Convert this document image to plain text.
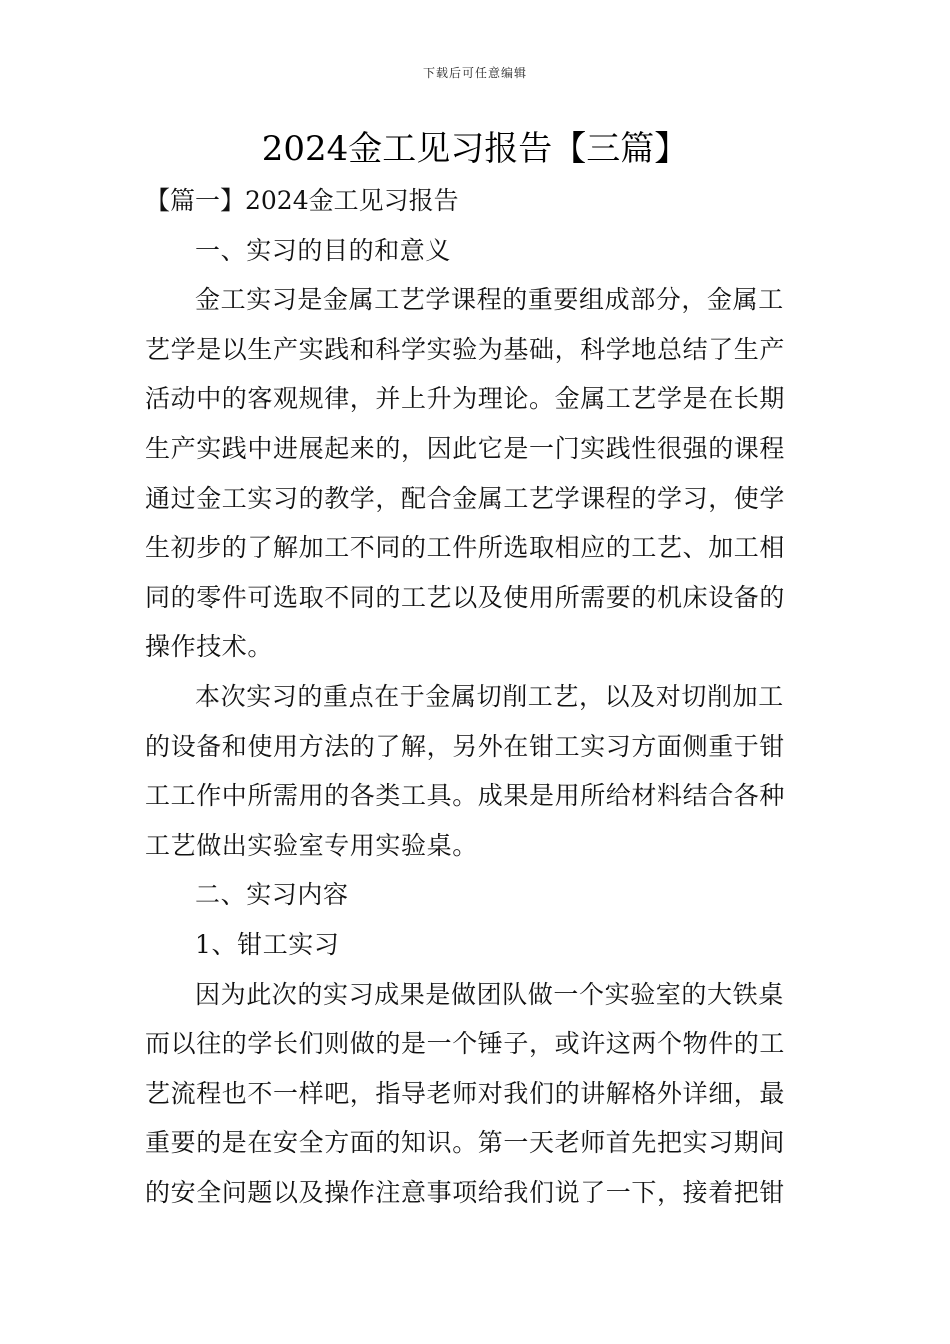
下载后可任意编辑
2024金工见习报告【三篇】
【篇一】2024金工见习报告
一、实习的目的和意义
金工实习是金属工艺学课程的重要组成部分，金属工
艺学是以生产实践和科学实验为基础，科学地总结了生产
活动中的客观规律，并上升为理论。金属工艺学是在长期
生产实践中进展起来的，因此它是一门实践性很强的课程
通过金工实习的教学，配合金属工艺学课程的学习，使学
生初步的了解加工不同的工件所选取相应的工艺、加工相
同的零件可选取不同的工艺以及使用所需要的机床设备的
操作技术。
本次实习的重点在于金属切削工艺，以及对切削加工
的设备和使用方法的了解，另外在钳工实习方面侧重于钳
工工作中所需用的各类工具。成果是用所给材料结合各种
工艺做出实验室专用实验桌。
二、实习内容
1、钳工实习
因为此次的实习成果是做团队做一个实验室的大铁桌
而以往的学长们则做的是一个锤子，或许这两个物件的工
艺流程也不一样吧，指导老师对我们的讲解格外详细，最
重要的是在安全方面的知识。第一天老师首先把实习期间
的安全问题以及操作注意事项给我们说了一下，接着把钳
